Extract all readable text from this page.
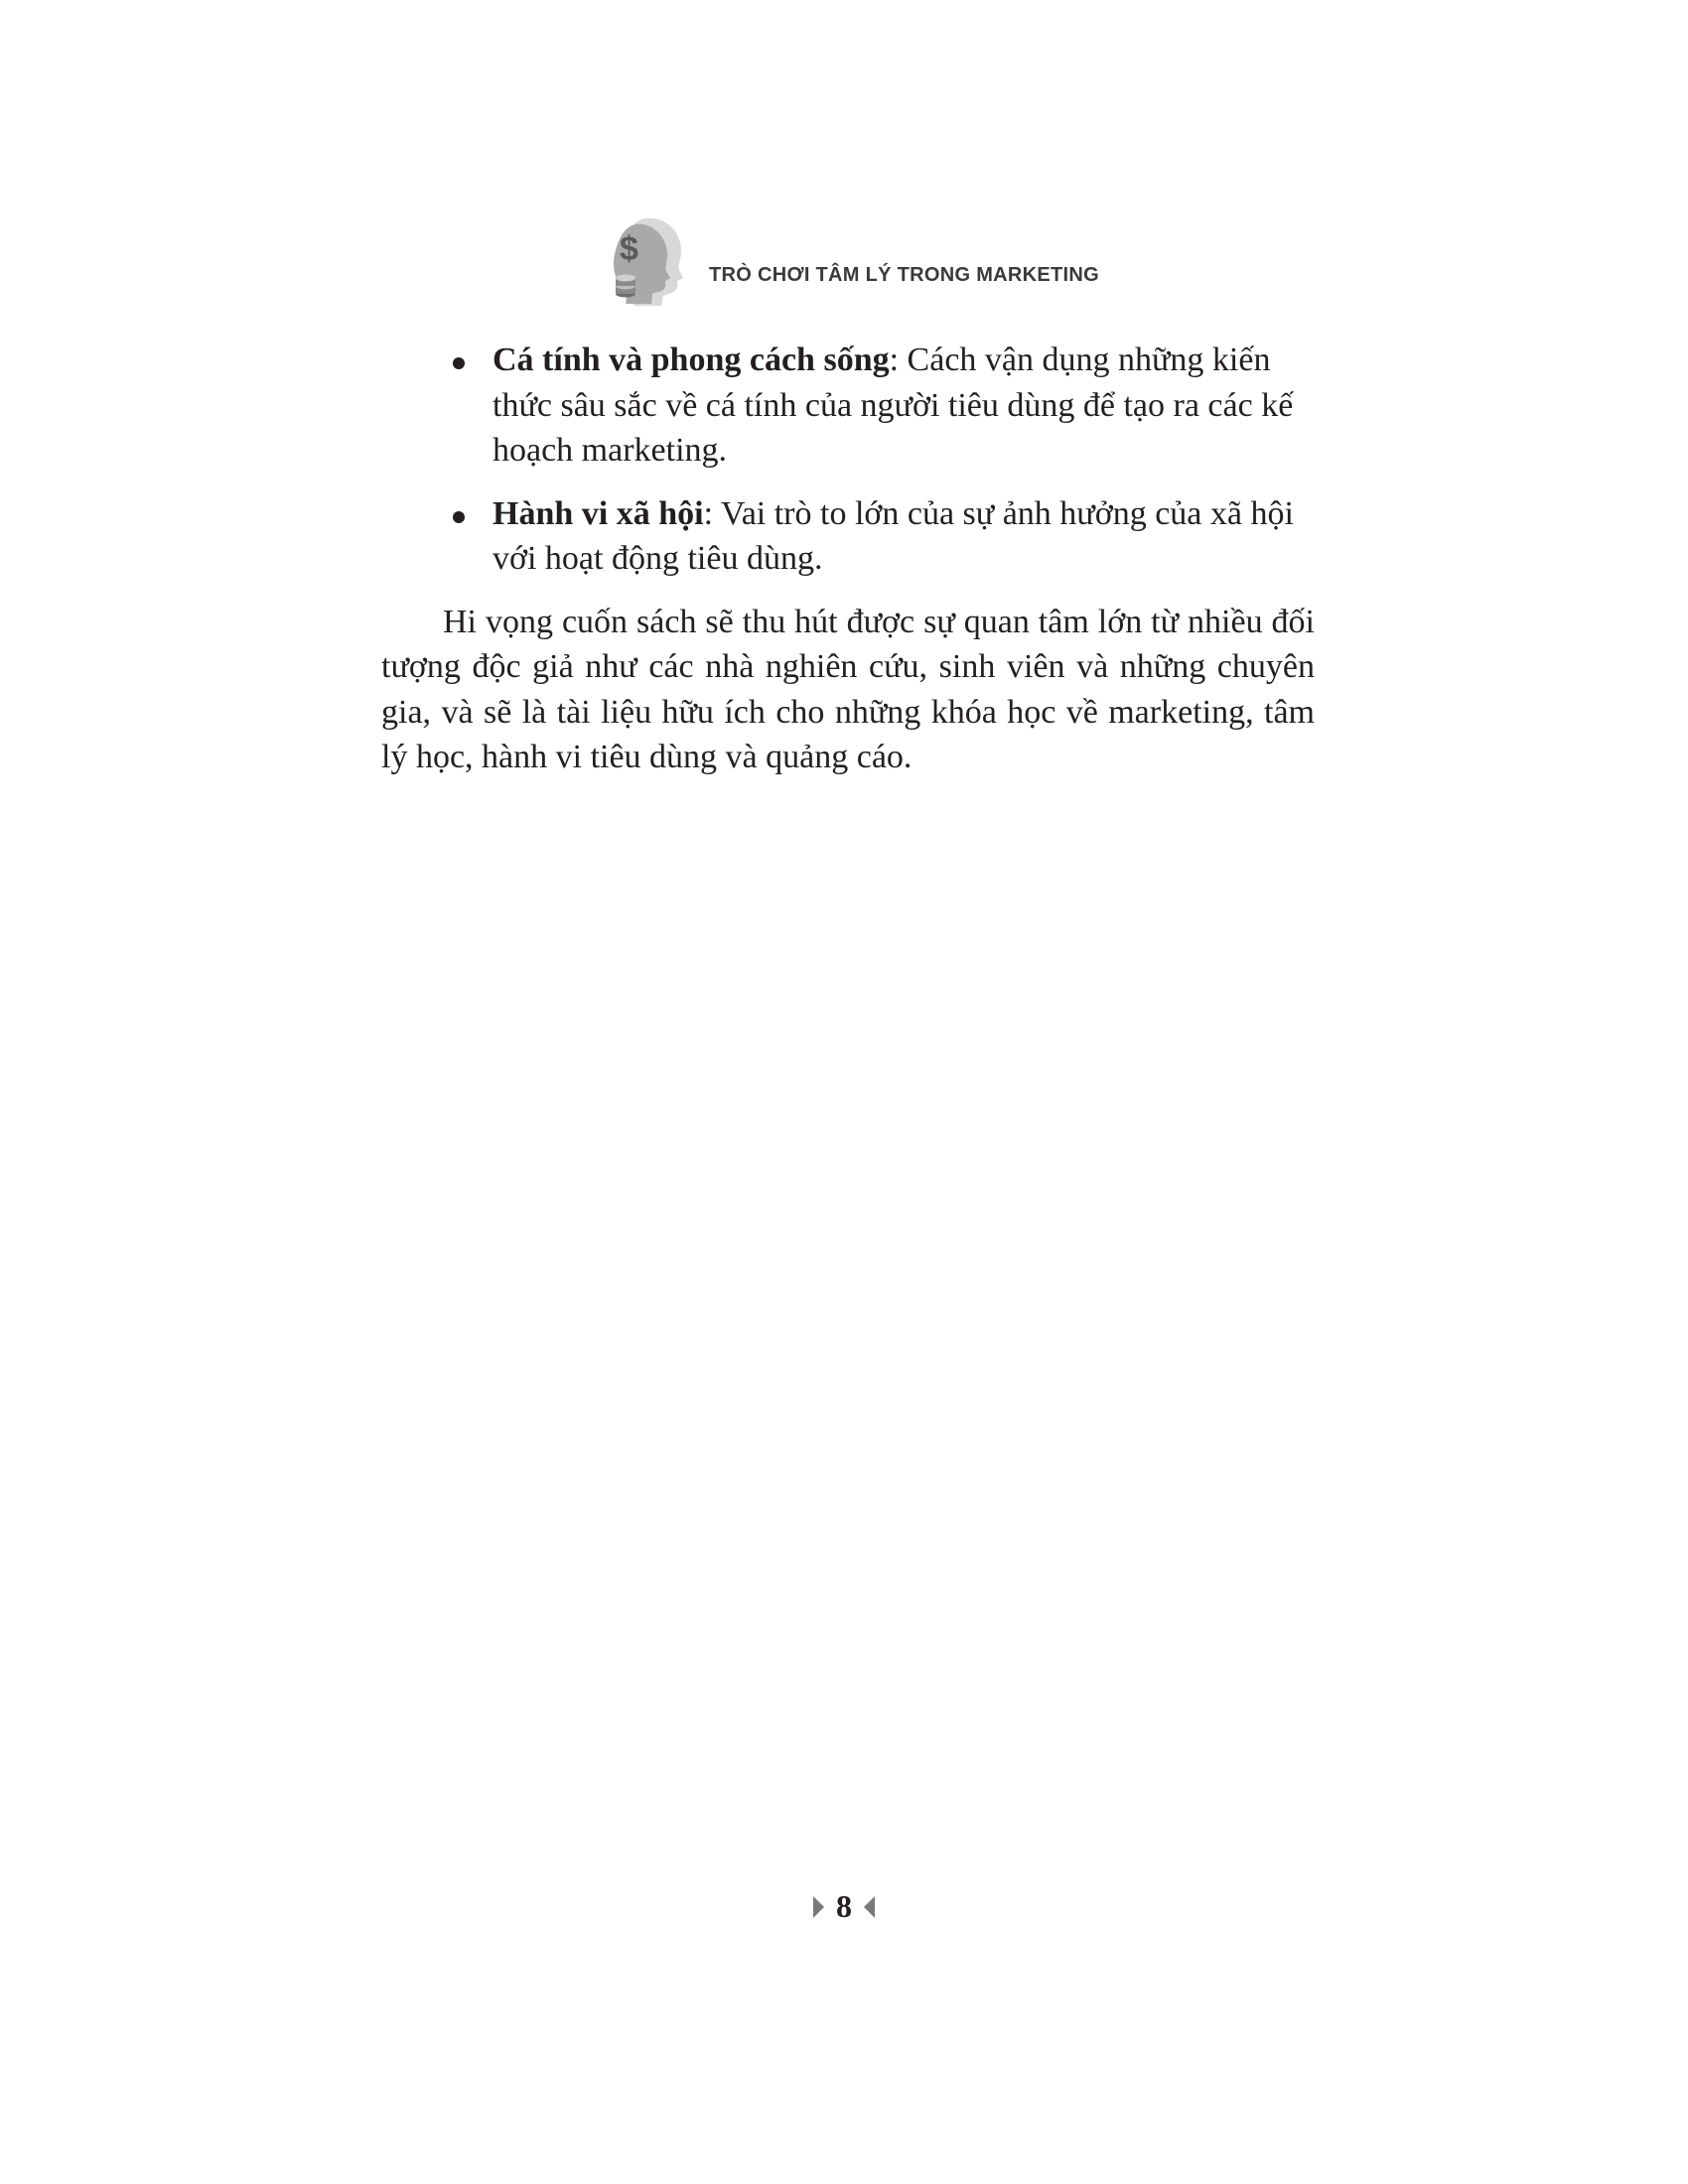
$
TRÒ CHƠI TÂM LÝ TRONG MARKETING
Cá tính và phong cách sống: Cách vận dụng những kiến thức sâu sắc về cá tính của người tiêu dùng để tạo ra các kế hoạch marketing.
Hành vi xã hội: Vai trò to lớn của sự ảnh hưởng của xã hội với hoạt động tiêu dùng.

Hi vọng cuốn sách sẽ thu hút được sự quan tâm lớn từ nhiều đối tượng độc giả như các nhà nghiên cứu, sinh viên và những chuyên gia, và sẽ là tài liệu hữu ích cho những khóa học về marketing, tâm lý học, hành vi tiêu dùng và quảng cáo.

8
